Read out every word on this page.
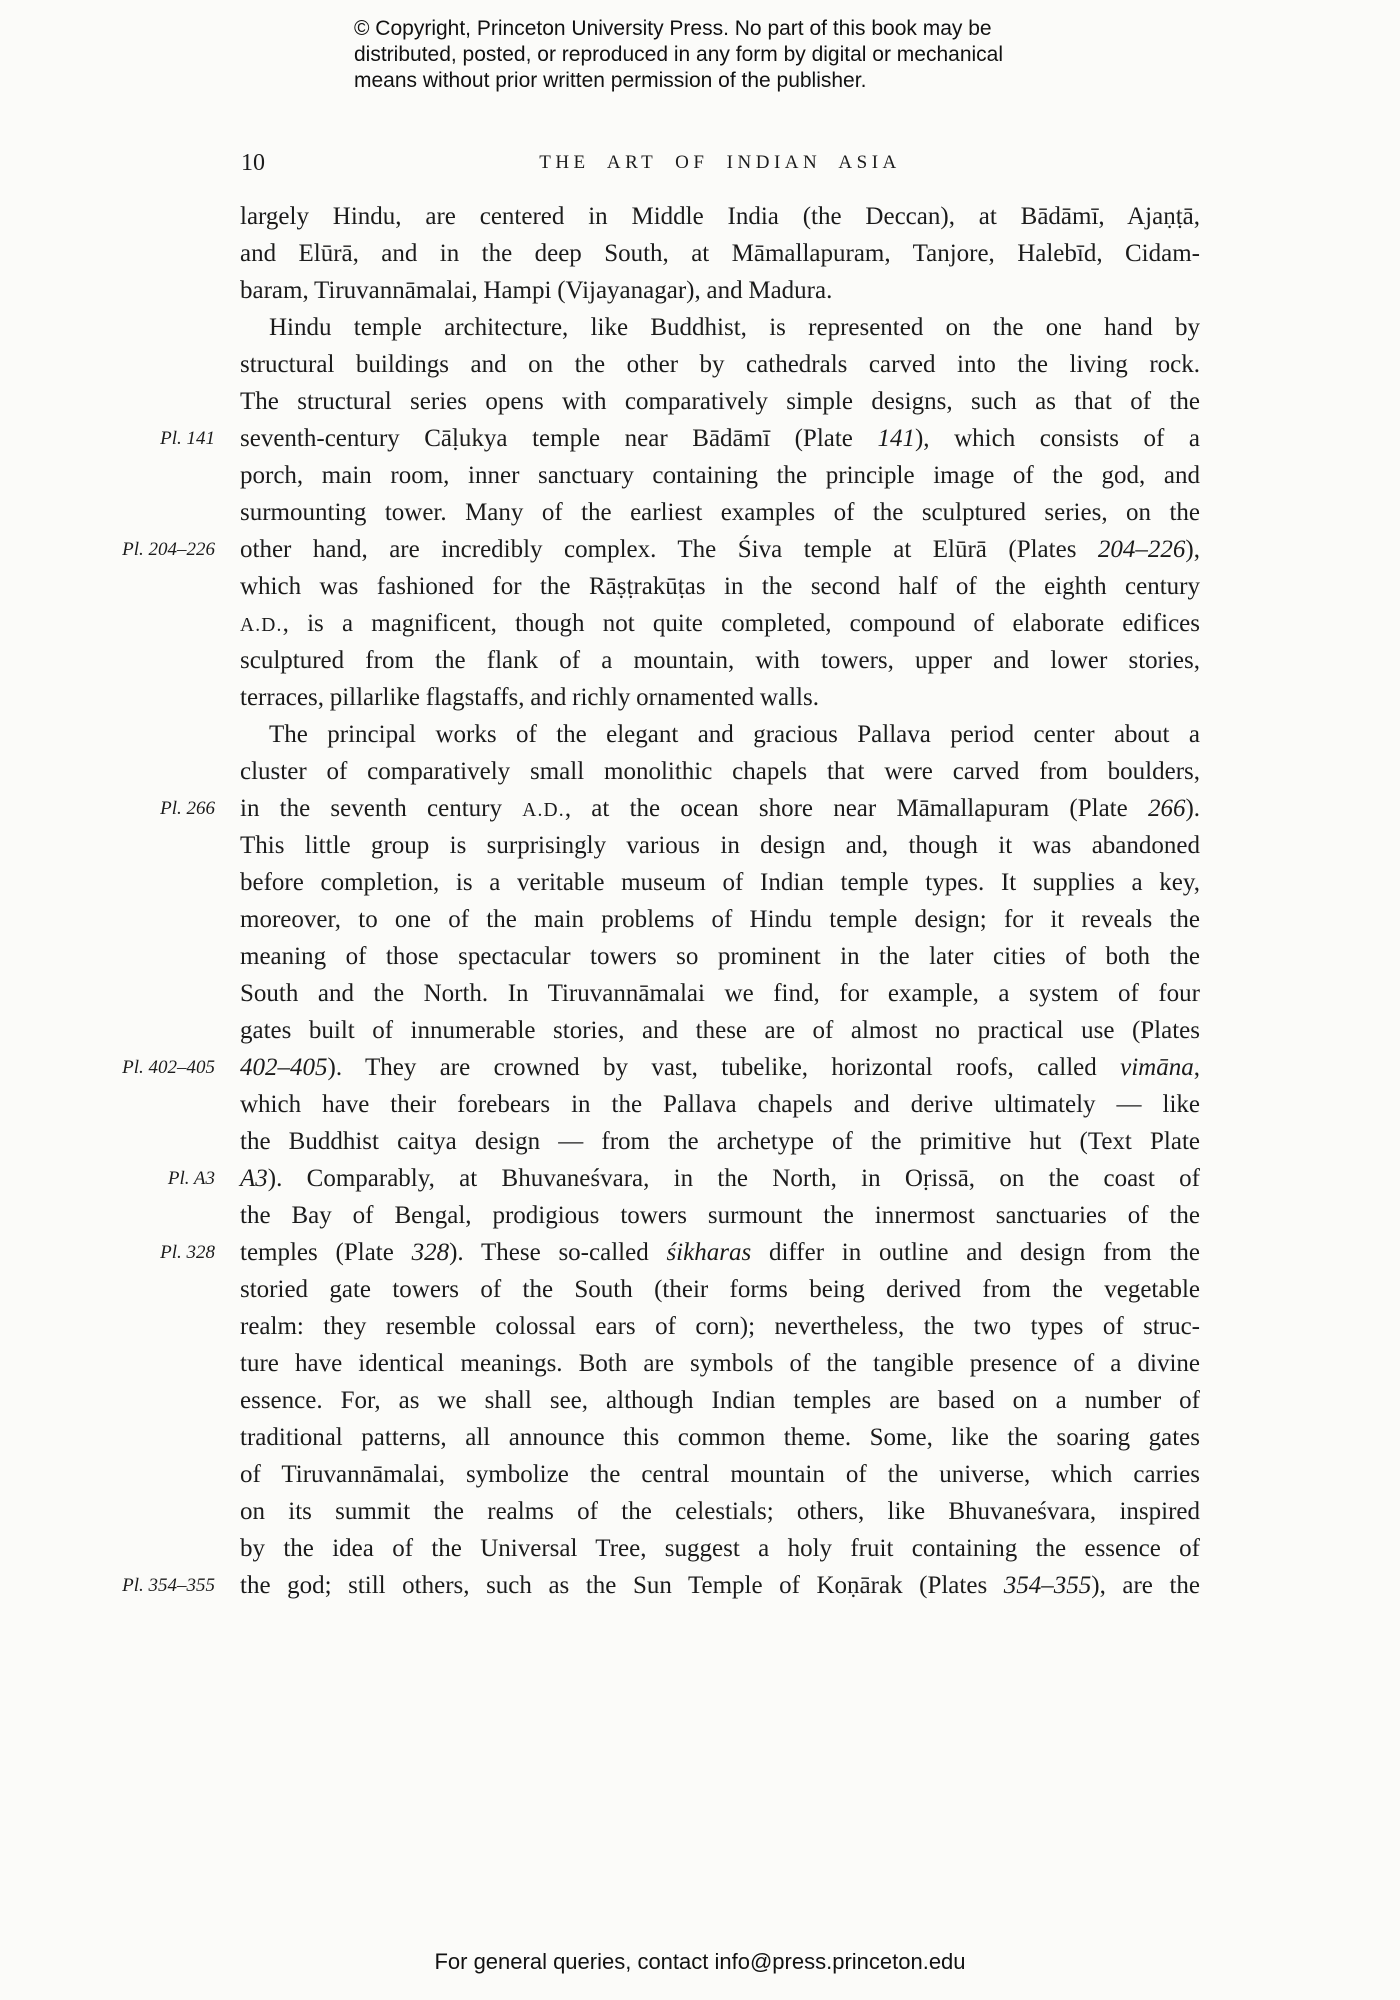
© Copyright, Princeton University Press. No part of this book may be
distributed, posted, or reproduced in any form by digital or mechanical
means without prior written permission of the publisher.
10	THE ART OF INDIAN ASIA
largely Hindu, are centered in Middle India (the Deccan), at Bādāmī, Ajaṇṭā,
and Elūrā, and in the deep South, at Māmallapuram, Tanjore, Halebīd, Cidam-
baram, Tiruvannāmalai, Hampi (Vijayanagar), and Madura.
Hindu temple architecture, like Buddhist, is represented on the one hand by
structural buildings and on the other by cathedrals carved into the living rock.
The structural series opens with comparatively simple designs, such as that of the
Pl. 141 seventh-century Cāḷukya temple near Bādāmī (Plate 141), which consists of a
porch, main room, inner sanctuary containing the principle image of the god, and
surmounting tower. Many of the earliest examples of the sculptured series, on the
Pl. 204–226 other hand, are incredibly complex. The Śiva temple at Elūrā (Plates 204–226),
which was fashioned for the Rāṣṭrakūṭas in the second half of the eighth century
A.D., is a magnificent, though not quite completed, compound of elaborate edifices
sculptured from the flank of a mountain, with towers, upper and lower stories,
terraces, pillarlike flagstaffs, and richly ornamented walls.
The principal works of the elegant and gracious Pallava period center about a
cluster of comparatively small monolithic chapels that were carved from boulders,
Pl. 266 in the seventh century A.D., at the ocean shore near Māmallapuram (Plate 266).
This little group is surprisingly various in design and, though it was abandoned
before completion, is a veritable museum of Indian temple types. It supplies a key,
moreover, to one of the main problems of Hindu temple design; for it reveals the
meaning of those spectacular towers so prominent in the later cities of both the
South and the North. In Tiruvannāmalai we find, for example, a system of four
gates built of innumerable stories, and these are of almost no practical use (Plates
Pl. 402–405 402–405). They are crowned by vast, tubelike, horizontal roofs, called vimāna,
which have their forebears in the Pallava chapels and derive ultimately — like
the Buddhist caitya design — from the archetype of the primitive hut (Text Plate
Pl. A3 A3). Comparably, at Bhuvaneśvara, in the North, in Oṛissā, on the coast of
the Bay of Bengal, prodigious towers surmount the innermost sanctuaries of the
Pl. 328 temples (Plate 328). These so-called śikharas differ in outline and design from the
storied gate towers of the South (their forms being derived from the vegetable
realm: they resemble colossal ears of corn); nevertheless, the two types of struc-
ture have identical meanings. Both are symbols of the tangible presence of a divine
essence. For, as we shall see, although Indian temples are based on a number of
traditional patterns, all announce this common theme. Some, like the soaring gates
of Tiruvannāmalai, symbolize the central mountain of the universe, which carries
on its summit the realms of the celestials; others, like Bhuvaneśvara, inspired
by the idea of the Universal Tree, suggest a holy fruit containing the essence of
Pl. 354–355 the god; still others, such as the Sun Temple of Koṇārak (Plates 354–355), are the
For general queries, contact info@press.princeton.edu
